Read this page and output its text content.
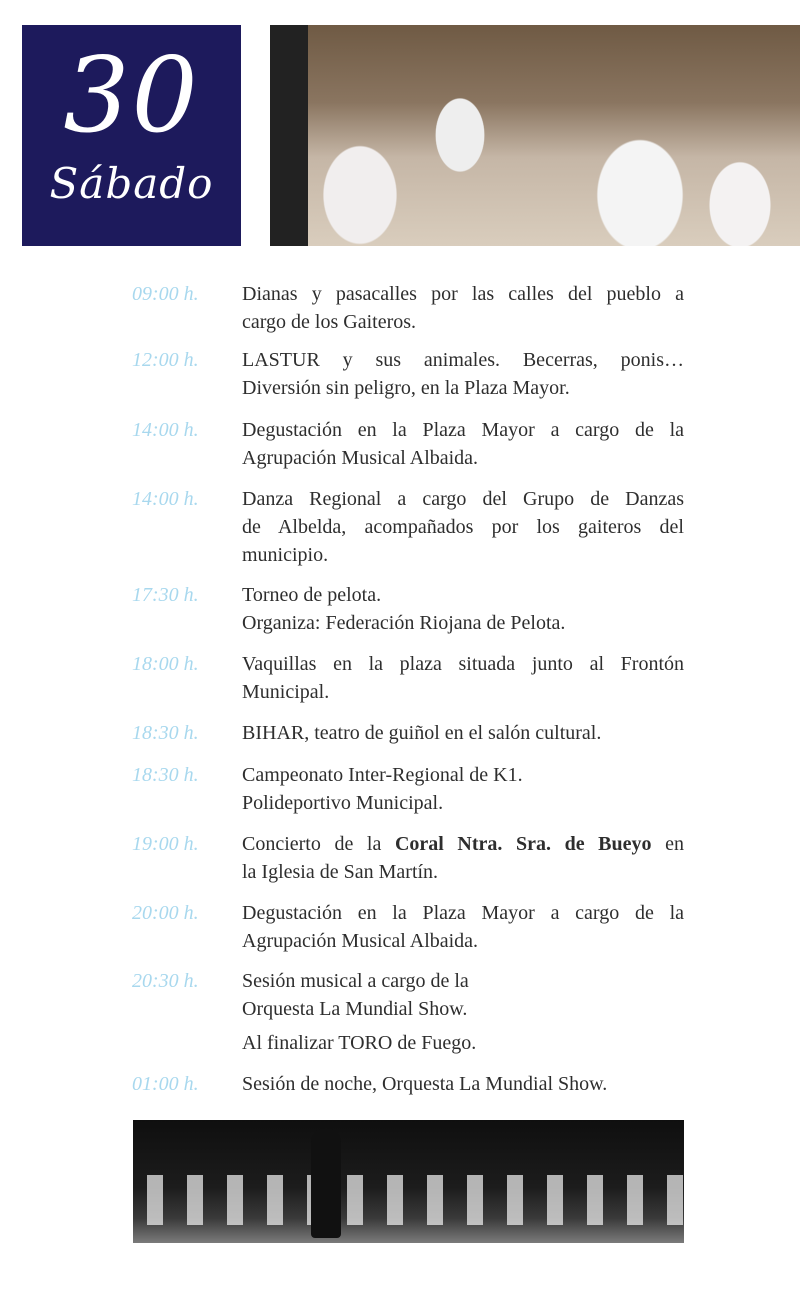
30
Sábado
09:00 h.	Dianas y pasacalles por las calles del pueblo a
cargo de los Gaiteros.
12:00 h.	LASTUR y sus animales. Becerras, ponis…
Diversión sin peligro, en la Plaza Mayor.
14:00 h.	Degustación en la Plaza Mayor a cargo de la
Agrupación Musical Albaida.
14:00 h.	Danza Regional a cargo del Grupo de Danzas
de Albelda, acompañados por los gaiteros del
municipio.
17:30 h.	Torneo de pelota.
Organiza: Federación Riojana de Pelota.
18:00 h.	Vaquillas en la plaza situada junto al Frontón
Municipal.
18:30 h.	BIHAR, teatro de guiñol en el salón cultural.
18:30 h.	Campeonato Inter-Regional de K1.
Polideportivo Municipal.
19:00 h.	Concierto de la Coral Ntra. Sra. de Bueyo en
la Iglesia de San Martín.
20:00 h.	Degustación en la Plaza Mayor a cargo de la
Agrupación Musical Albaida.
20:30 h.	Sesión musical a cargo de la
Orquesta La Mundial Show.
Al finalizar TORO de Fuego.
01:00 h.	Sesión de noche, Orquesta La Mundial Show.
